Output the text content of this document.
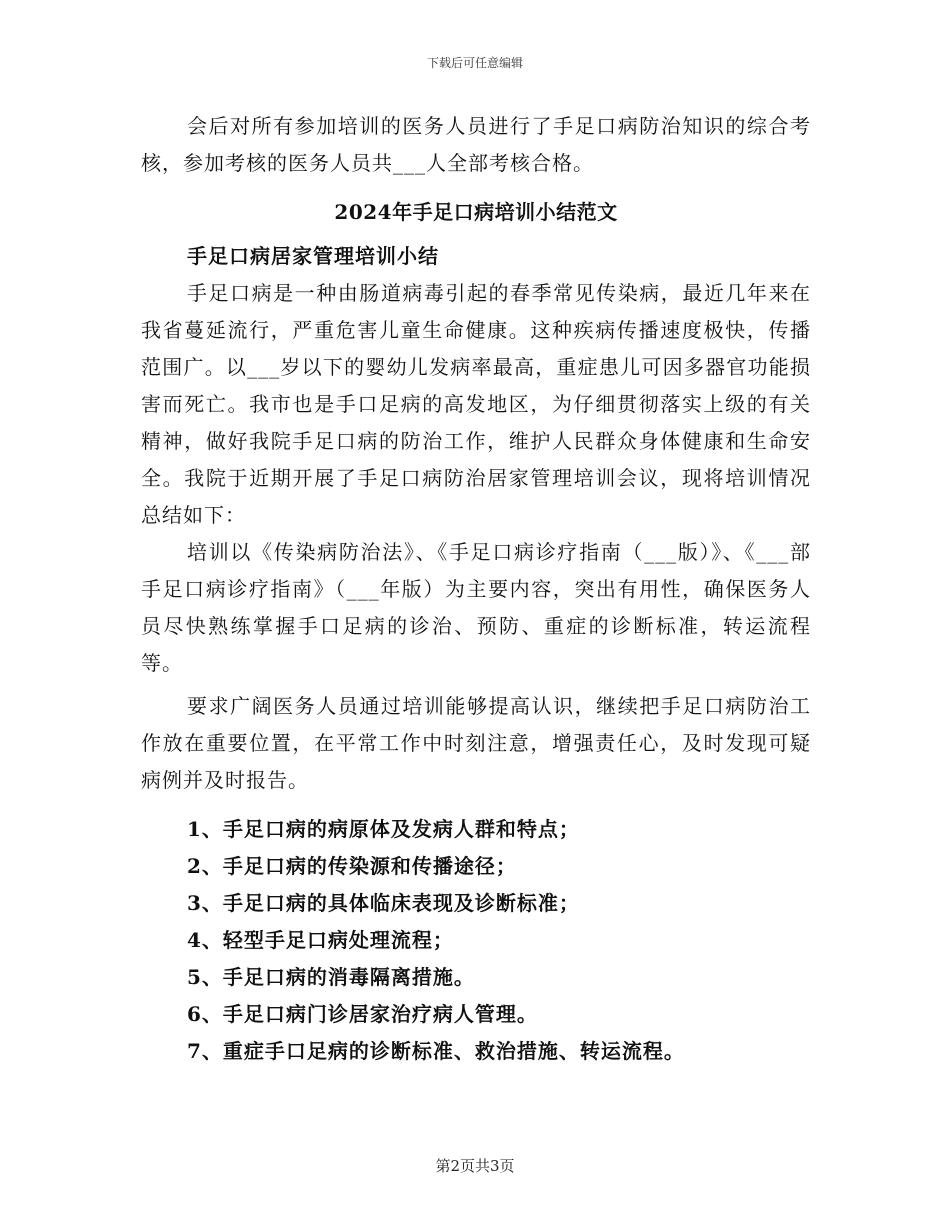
下载后可任意编辑

会后对所有参加培训的医务人员进行了手足口病防治知识的综合考核，参加考核的医务人员共___人全部考核合格。

2024年手足口病培训小结范文

手足口病居家管理培训小结

手足口病是一种由肠道病毒引起的春季常见传染病，最近几年来在我省蔓延流行，严重危害儿童生命健康。这种疾病传播速度极快，传播范围广。以___岁以下的婴幼儿发病率最高，重症患儿可因多器官功能损害而死亡。我市也是手口足病的高发地区，为仔细贯彻落实上级的有关精神，做好我院手足口病的防治工作，维护人民群众身体健康和生命安全。我院于近期开展了手足口病防治居家管理培训会议，现将培训情况总结如下：

培训以《传染病防治法》、《手足口病诊疗指南（___版）》、《___部手足口病诊疗指南》（___年版）为主要内容，突出有用性，确保医务人员尽快熟练掌握手口足病的诊治、预防、重症的诊断标准，转运流程等。

要求广阔医务人员通过培训能够提高认识，继续把手足口病防治工作放在重要位置，在平常工作中时刻注意，增强责任心，及时发现可疑病例并及时报告。

1、手足口病的病原体及发病人群和特点；

2、手足口病的传染源和传播途径；

3、手足口病的具体临床表现及诊断标准；

4、轻型手足口病处理流程；

5、手足口病的消毒隔离措施。

6、手足口病门诊居家治疗病人管理。

7、重症手口足病的诊断标准、救治措施、转运流程。

第2页共3页
